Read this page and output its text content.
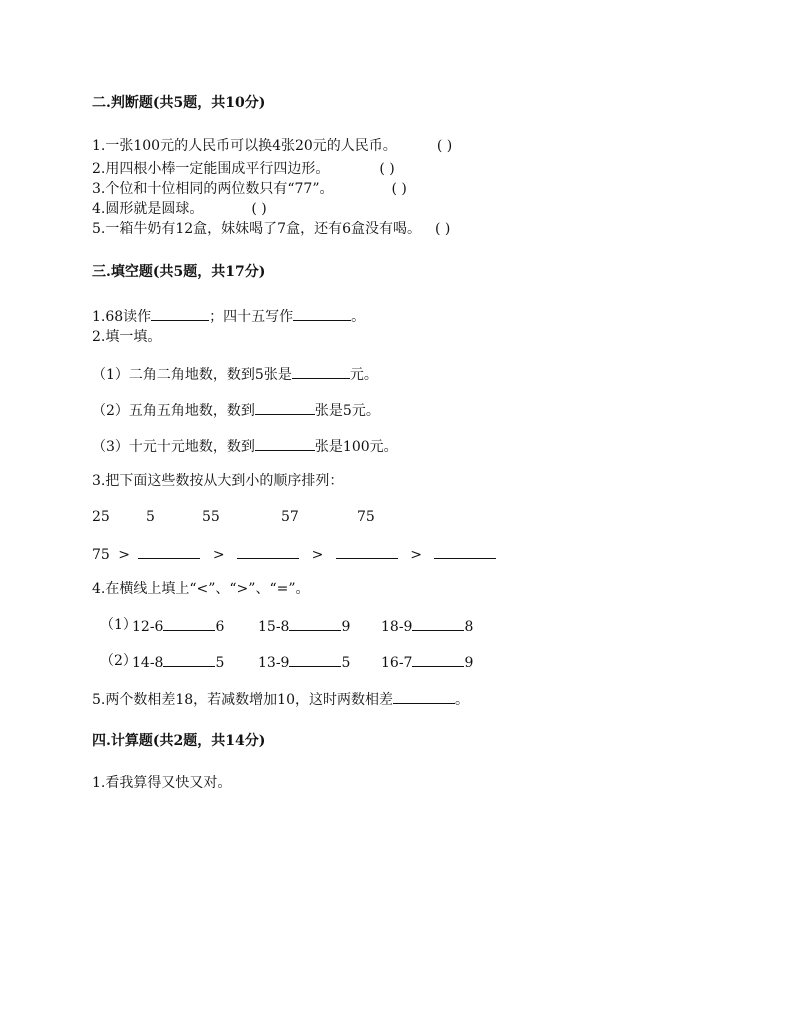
二.判断题(共5题，共10分)
1.一张100元的人民币可以换4张20元的人民币。	( )
2.用四根小棒一定能围成平行四边形。	( )
3.个位和十位相同的两位数只有“77”。	( )
4.圆形就是圆球。	( )
5.一箱牛奶有12盒，妹妹喝了7盒，还有6盒没有喝。 ( )
三.填空题(共5题，共17分)
1.68读作	；四十五写作	。
2.填一填。
（1）二角二角地数，数到5张是	元。
（2）五角五角地数，数到	张是5元。
（3）十元十元地数，数到	张是100元。
3.把下面这些数按从大到小的顺序排列：
25	5	55	57	75
75 >	>	>	>
4.在横线上填上“<”、“>”、“=”。
（1）
12-6	6 15-8	9 18-9	8
（2）
14-8	5 13-9	5 16-7	9
5.两个数相差18，若减数增加10，这时两数相差	。
四.计算题(共2题，共14分)
1.看我算得又快又对。
